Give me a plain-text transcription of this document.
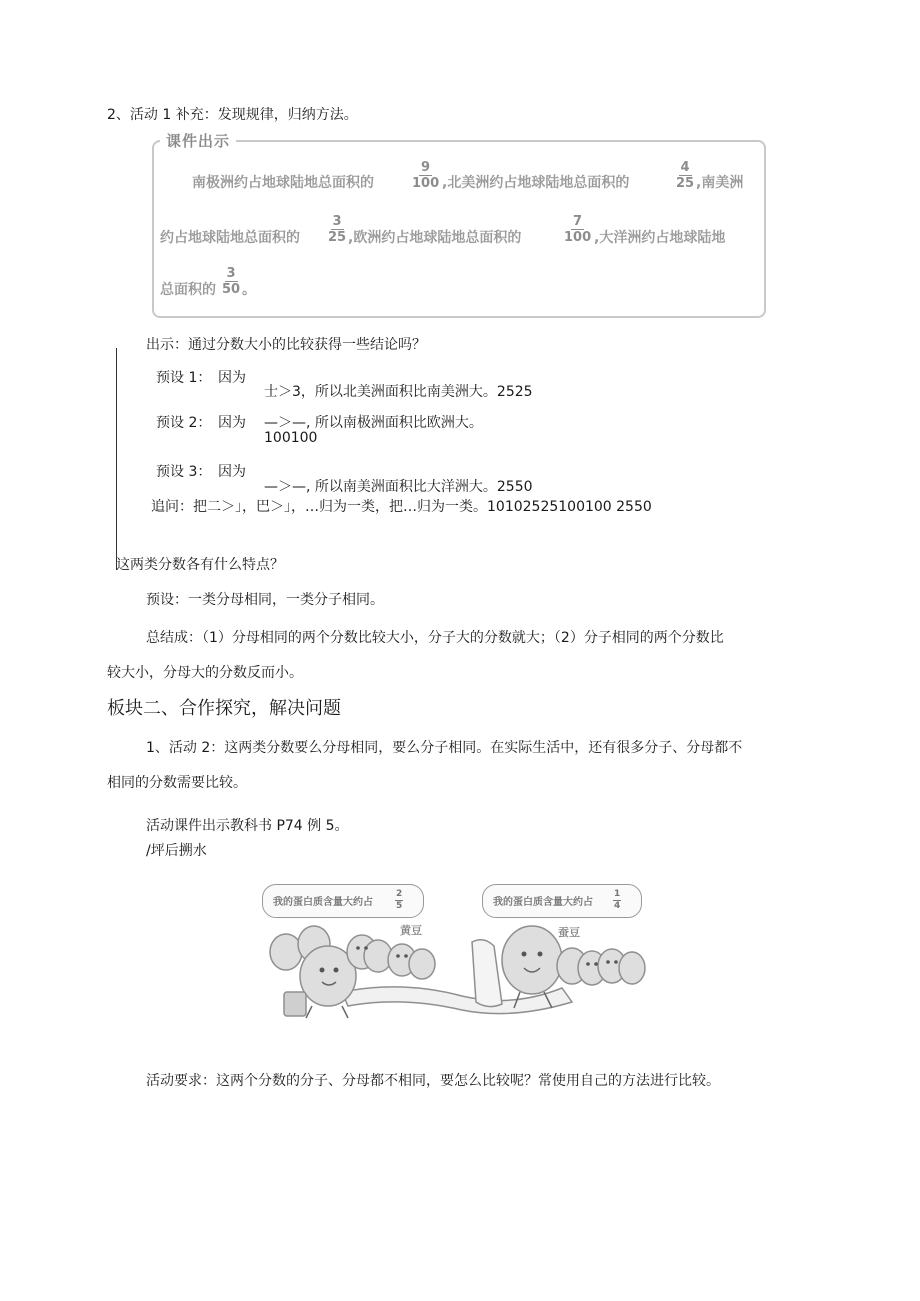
2、活动 1 补充：发现规律，归纳方法。
课件出示
南极洲约占地球陆地总面积的	$\frac{9}{100}$ ,北美洲约占地球陆地总面积的	$\frac{4}{25}$ ,南美洲
约占地球陆地总面积的 $\frac{3}{25}$ ,欧洲约占地球陆地总面积的	$\frac{7}{100}$ ,大洋洲约占地球陆地
总面积的 $\frac{3}{50}$ 。
出示：通过分数大小的比较获得一些结论吗？
预设 1： 因为
士＞3，所以北美洲面积比南美洲大。2525
预设 2： 因为 —＞—, 所以南极洲面积比欧洲大。
100100
预设 3： 因为
—＞—, 所以南美洲面积比大洋洲大。2550
追问：把二＞」，巴＞」，…归为一类，把…归为一类。10102525100100 2550
这两类分数各有什么特点？
预设：一类分母相同，一类分子相同。
总结成：（1）分母相同的两个分数比较大小，分子大的分数就大；（2）分子相同的两个分数比
较大小，分母大的分数反而小。
板块二、合作探究，解决问题
1、活动 2：这两类分数要么分母相同，要么分子相同。在实际生活中，还有很多分子、分母都不
相同的分数需要比较。
活动课件出示教科书 P74 例 5。
/坪后搠水
我的蛋白质含量大约占 $\frac{2}{5}$	我的蛋白质含量大约占 $\frac{1}{4}$
黄豆	蚕豆
活动要求：这两个分数的分子、分母都不相同，要怎么比较呢？常使用自己的方法进行比较。
